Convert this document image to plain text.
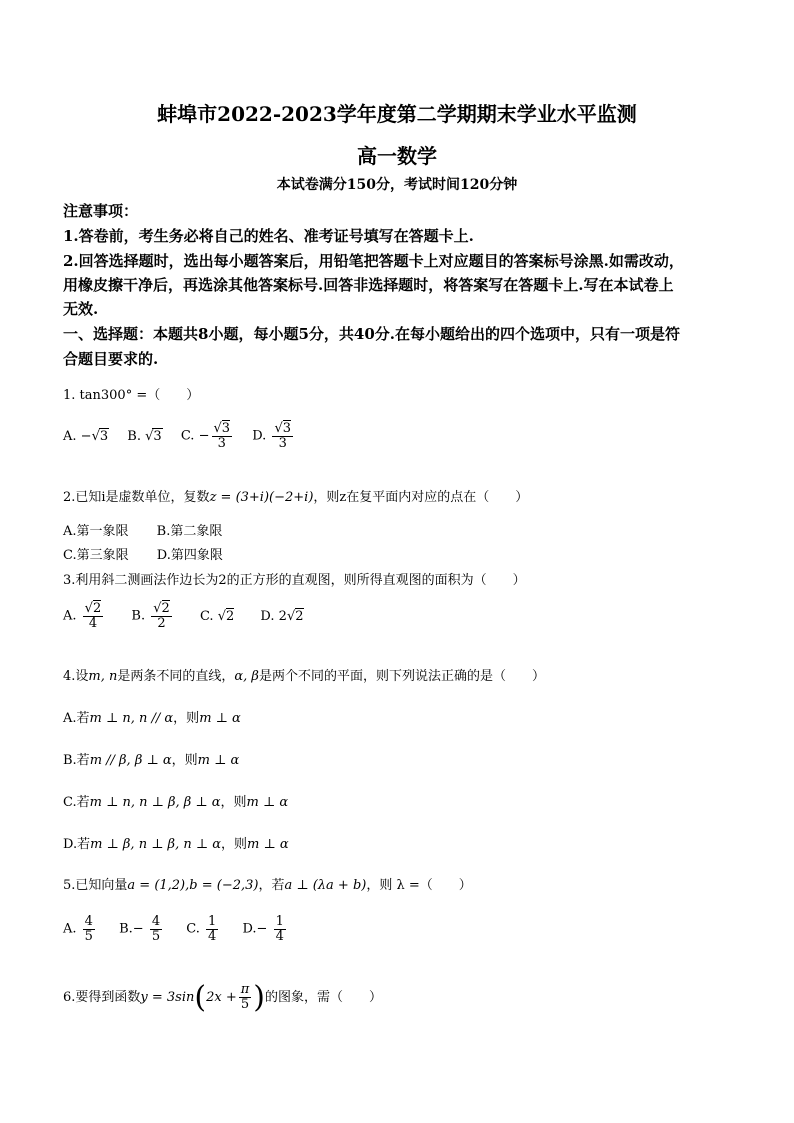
蚌埠市2022-2023学年度第二学期期末学业水平监测
高一数学
本试卷满分150分，考试时间120分钟
注意事项：
1.答卷前，考生务必将自己的姓名、准考证号填写在答题卡上.
2.回答选择题时，选出每小题答案后，用铅笔把答题卡上对应题目的答案标号涂黑.如需改动，
用橡皮擦干净后，再选涂其他答案标号.回答非选择题时，将答案写在答题卡上.写在本试卷上
无效.
一、选择题：本题共8小题，每小题5分，共40分.在每小题给出的四个选项中，只有一项是符
合题目要求的.
1. tan300° =（　　）
A. −√3 B. √3 C. − $\frac{√3}{3} D$. $\frac{√3}{3}$
2.已知i是虚数单位，复数z = (3+i)(−2+i)，则z在复平面内对应的点在（　　）
A.第一象限 B.第二象限
C.第三象限 D.第四象限
3.利用斜二测画法作边长为2的正方形的直观图，则所得直观图的面积为（　　）
A. $\frac{√2}{4} B$. $\frac{√2}{2} C$. √2 D. 2√2
4.设m, n是两条不同的直线，α, β是两个不同的平面，则下列说法正确的是（　　）
A.若m ⊥ n, n // α，则m ⊥ α
B.若m // β, β ⊥ α，则m ⊥ α
C.若m ⊥ n, n ⊥ β, β ⊥ α，则m ⊥ α
D.若m ⊥ β, n ⊥ β, n ⊥ α，则m ⊥ α
5.已知向量a = (1,2),b = (−2,3)，若a ⊥ (λa + b)，则 λ =（　　）
A. $\frac{4}{5} B.- \frac{4}{5} C$. $\frac{1}{4} D.- \frac{1}{4}$
6.要得到函数$y = 3\sin(2x + \frac{\pi}{5}$ )的图象，需（　　）
